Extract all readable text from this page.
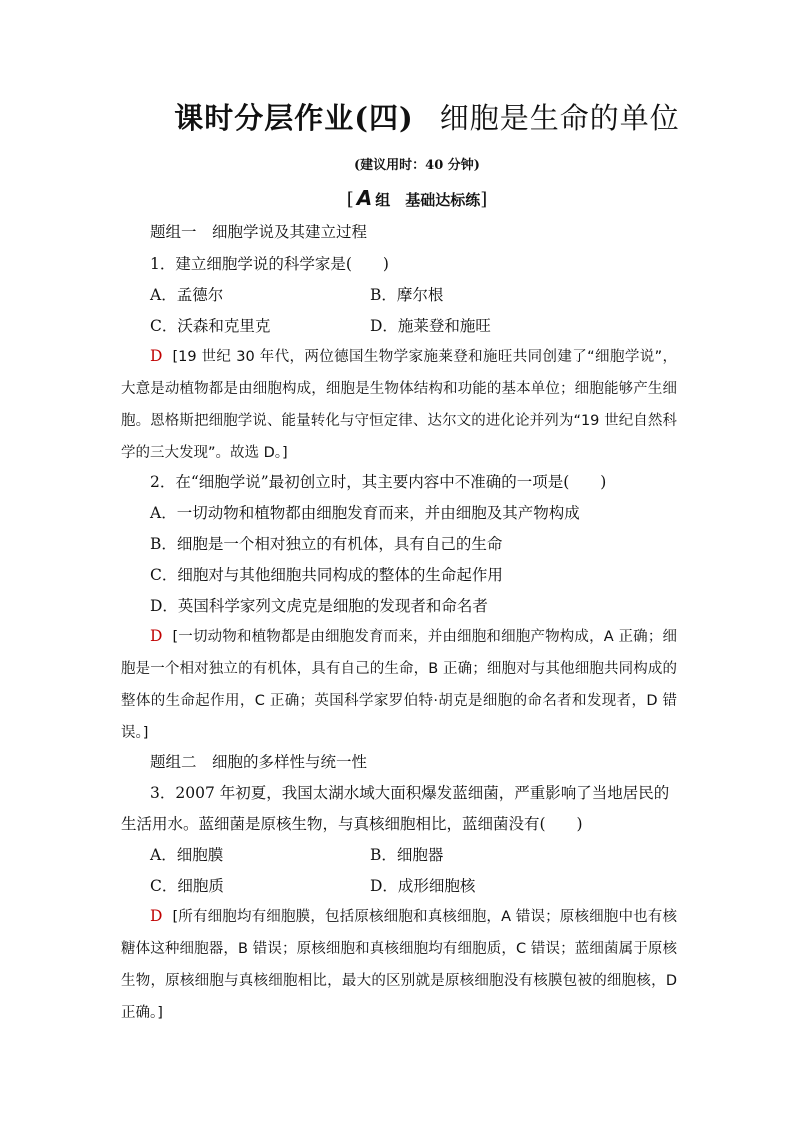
课时分层作业(四) 细胞是生命的单位
(建议用时：40 分钟)
[ A 组　基础达标练]
题组一　细胞学说及其建立过程
1．建立细胞学说的科学家是(　　)
A．孟德尔	B．摩尔根
C．沃森和克里克	D．施莱登和施旺
D [19 世纪 30 年代，两位德国生物学家施莱登和施旺共同创建了“细胞学说”，大意是动植物都是由细胞构成，细胞是生物体结构和功能的基本单位；细胞能够产生细胞。恩格斯把细胞学说、能量转化与守恒定律、达尔文的进化论并列为“19 世纪自然科学的三大发现”。故选 D。]
2．在“细胞学说”最初创立时，其主要内容中不准确的一项是(　　)
A．一切动物和植物都由细胞发育而来，并由细胞及其产物构成
B．细胞是一个相对独立的有机体，具有自己的生命
C．细胞对与其他细胞共同构成的整体的生命起作用
D．英国科学家列文虎克是细胞的发现者和命名者
D [一切动物和植物都是由细胞发育而来，并由细胞和细胞产物构成，A 正确；细胞是一个相对独立的有机体，具有自己的生命，B 正确；细胞对与其他细胞共同构成的整体的生命起作用，C 正确；英国科学家罗伯特·胡克是细胞的命名者和发现者，D 错误。]
题组二　细胞的多样性与统一性
3．2007 年初夏，我国太湖水域大面积爆发蓝细菌，严重影响了当地居民的
生活用水。蓝细菌是原核生物，与真核细胞相比，蓝细菌没有(　　)
A．细胞膜	B．细胞器
C．细胞质	D．成形细胞核
D [所有细胞均有细胞膜，包括原核细胞和真核细胞，A 错误；原核细胞中也有核糖体这种细胞器，B 错误；原核细胞和真核细胞均有细胞质，C 错误；蓝细菌属于原核生物，原核细胞与真核细胞相比，最大的区别就是原核细胞没有核膜包被的细胞核，D 正确。]
